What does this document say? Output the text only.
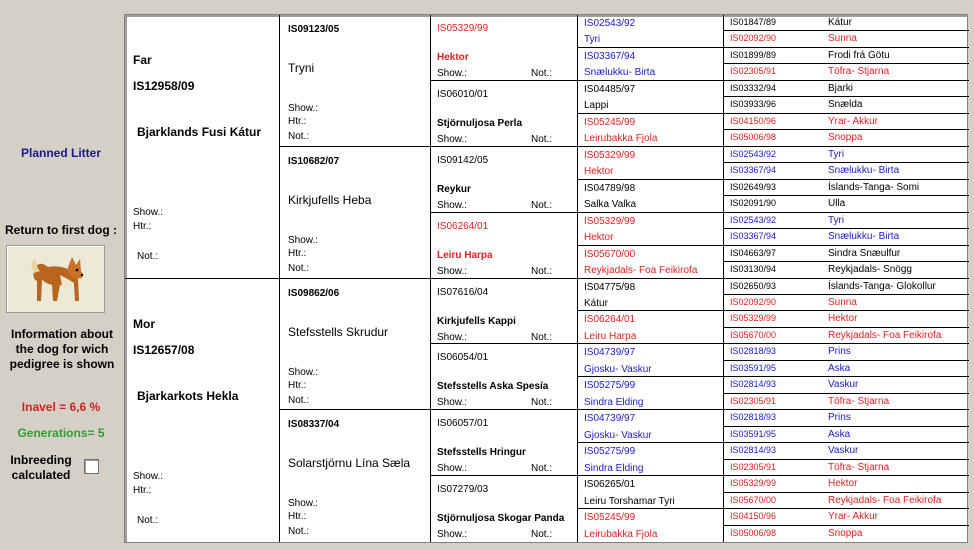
Planned Litter
Return to first dog :
Information about the dog for wich pedigree is shown
Inavel = 6,6 %
Generations= 5
Inbreeding calculated
Far
IS12958/09
Bjarklands Fusi Kátur
Show.:
Htr.:
Not.:
Mor
IS12657/08
Bjarkarkots Hekla
Show.:
Htr.:
Not.:
IS09123/05
Tryni
Show.:
Htr.:
Not.:
IS10682/07
Kirkjufells Heba
Show.:
Htr.:
Not.:
IS09862/06
Stefsstells Skrudur
Show.:
Htr.:
Not.:
IS08337/04
Solarstjörnu Lína Sæla
Show.:
Htr.:
Not.:
IS05329/99
Hektor
Show.:	Not.:
IS06010/01
Stjörnuljosa Perla
Show.:	Not.:
IS09142/05
Reykur
Show.:	Not.:
IS06264/01
Leiru Harpa
Show.:	Not.:
IS07616/04
Kirkjufells Kappi
Show.:	Not.:
IS06054/01
Stefsstells Aska Spesía
Show.:	Not.:
IS06057/01
Stefsstells Hringur
Show.:	Not.:
IS07279/03
Stjörnuljosa Skogar Panda
Show.:	Not.:
IS02543/92
Tyri
IS03367/94
Snælukku- Birta
IS04485/97
Lappi
IS05245/99
Leirubakka Fjola
IS05329/99
Hektor
IS04789/98
Salka Valka
IS05329/99
Hektor
IS05670/00
Reykjadals- Foa Feikirofa
IS04775/98
Kátur
IS06264/01
Leiru Harpa
IS04739/97
Gjosku- Vaskur
IS05275/99
Sindra Elding
IS04739/97
Gjosku- Vaskur
IS05275/99
Sindra Elding
IS06265/01
Leiru Torshamar Tyri
IS05245/99
Leirubakka Fjola
IS01847/89	Kátur
IS02092/90	Sunna
IS01899/89	Frodi frá Götu
IS02305/91	Töfra- Stjarna
IS03332/94	Bjarki
IS03933/96	Snælda
IS04150/96	Yrar- Akkur
IS05006/98	Snoppa
IS02543/92	Tyri
IS03367/94	Snælukku- Birta
IS02649/93	Íslands-Tanga- Somi
IS02091/90	Ulla
IS02543/92	Tyri
IS03367/94	Snælukku- Birta
IS04663/97	Sindra Snæulfur
IS03130/94	Reykjadals- Snögg
IS02650/93	Íslands-Tanga- Glokollur
IS02092/90	Sunna
IS05329/99	Hektor
IS05670/00	Reykjadals- Foa Feikirofa
IS02818/93	Prins
IS03591/95	Aska
IS02814/93	Vaskur
IS02305/91	Töfra- Stjarna
IS02818/93	Prins
IS03591/95	Aska
IS02814/93	Vaskur
IS02305/91	Töfra- Stjarna
IS05329/99	Hektor
IS05670/00	Reykjadals- Foa Feikirofa
IS04150/96	Yrar- Akkur
IS05006/98	Snoppa
